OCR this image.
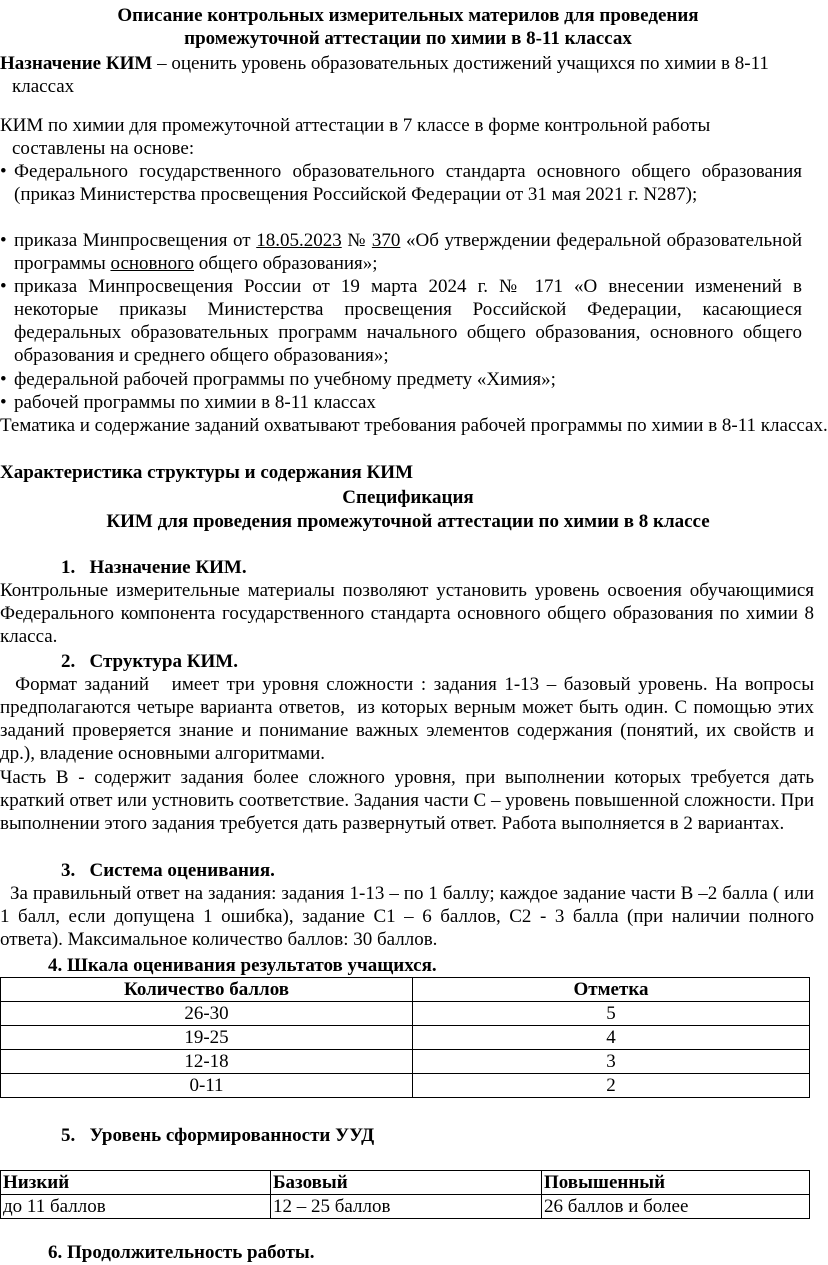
Описание контрольных измерительных материлов для проведения
промежуточной аттестации по химии в 8-11 классах

Назначение КИМ – оценить уровень образовательных достижений учащихся по химии в 8-11 классах

КИМ по химии для промежуточной аттестации в 7 классе в форме контрольной работы составлены на основе:

• Федерального государственного образовательного стандарта основного общего образования (приказ Министерства просвещения Российской Федерации от 31 мая 2021 г. N287);
• приказа Минпросвещения от 18.05.2023 № 370 «Об утверждении федеральной образовательной программы основного общего образования»;
• приказа Минпросвещения России от 19 марта 2024 г. № 171 «О внесении изменений в некоторые приказы Министерства просвещения Российской Федерации, касающиеся федеральных образовательных программ начального общего образования, основного общего образования и среднего общего образования»;
• федеральной рабочей программы по учебному предмету «Химия»;
• рабочей программы по химии в 8-11 классах

Тематика и содержание заданий охватывают требования рабочей программы по химии в 8-11 классах.

Характеристика структуры и содержания КИМ

Спецификация
КИМ для проведения промежуточной аттестации по химии в 8 классе

1. Назначение КИМ.

Контрольные измерительные материалы позволяют установить уровень освоения обучающимися Федерального компонента государственного стандарта основного общего образования по химии 8 класса.

2. Структура КИМ.

Формат заданий   имеет три уровня сложности : задания 1-13 – базовый уровень. На вопросы предполагаются четыре варианта ответов,  из которых верным может быть один. С помощью этих заданий проверяется знание и понимание важных элементов содержания (понятий, их свойств и др.), владение основными алгоритмами.

Часть В - содержит задания более сложного уровня, при выполнении которых требуется дать краткий ответ или устновить соответствие. Задания части С – уровень повышенной сложности. При выполнении этого задания требуется дать развернутый ответ. Работа выполняется в 2 вариантах.

3. Система оценивания.

За правильный ответ на задания: задания 1-13 – по 1 баллу; каждое задание части В –2 балла ( или 1 балл, если допущена 1 ошибка), задание С1 – 6 баллов, С2 - 3 балла (при наличии полного ответа). Максимальное количество баллов: 30 баллов.

4. Шкала оценивания результатов учащихся.

Количество баллов	Отметка
26-30	5
19-25	4
12-18	3
0-11	2

5. Уровень сформированности УУД

Низкий	Базовый	Повышенный
до 11 баллов	12 – 25 баллов	26 баллов и более

6. Продолжительность работы.
